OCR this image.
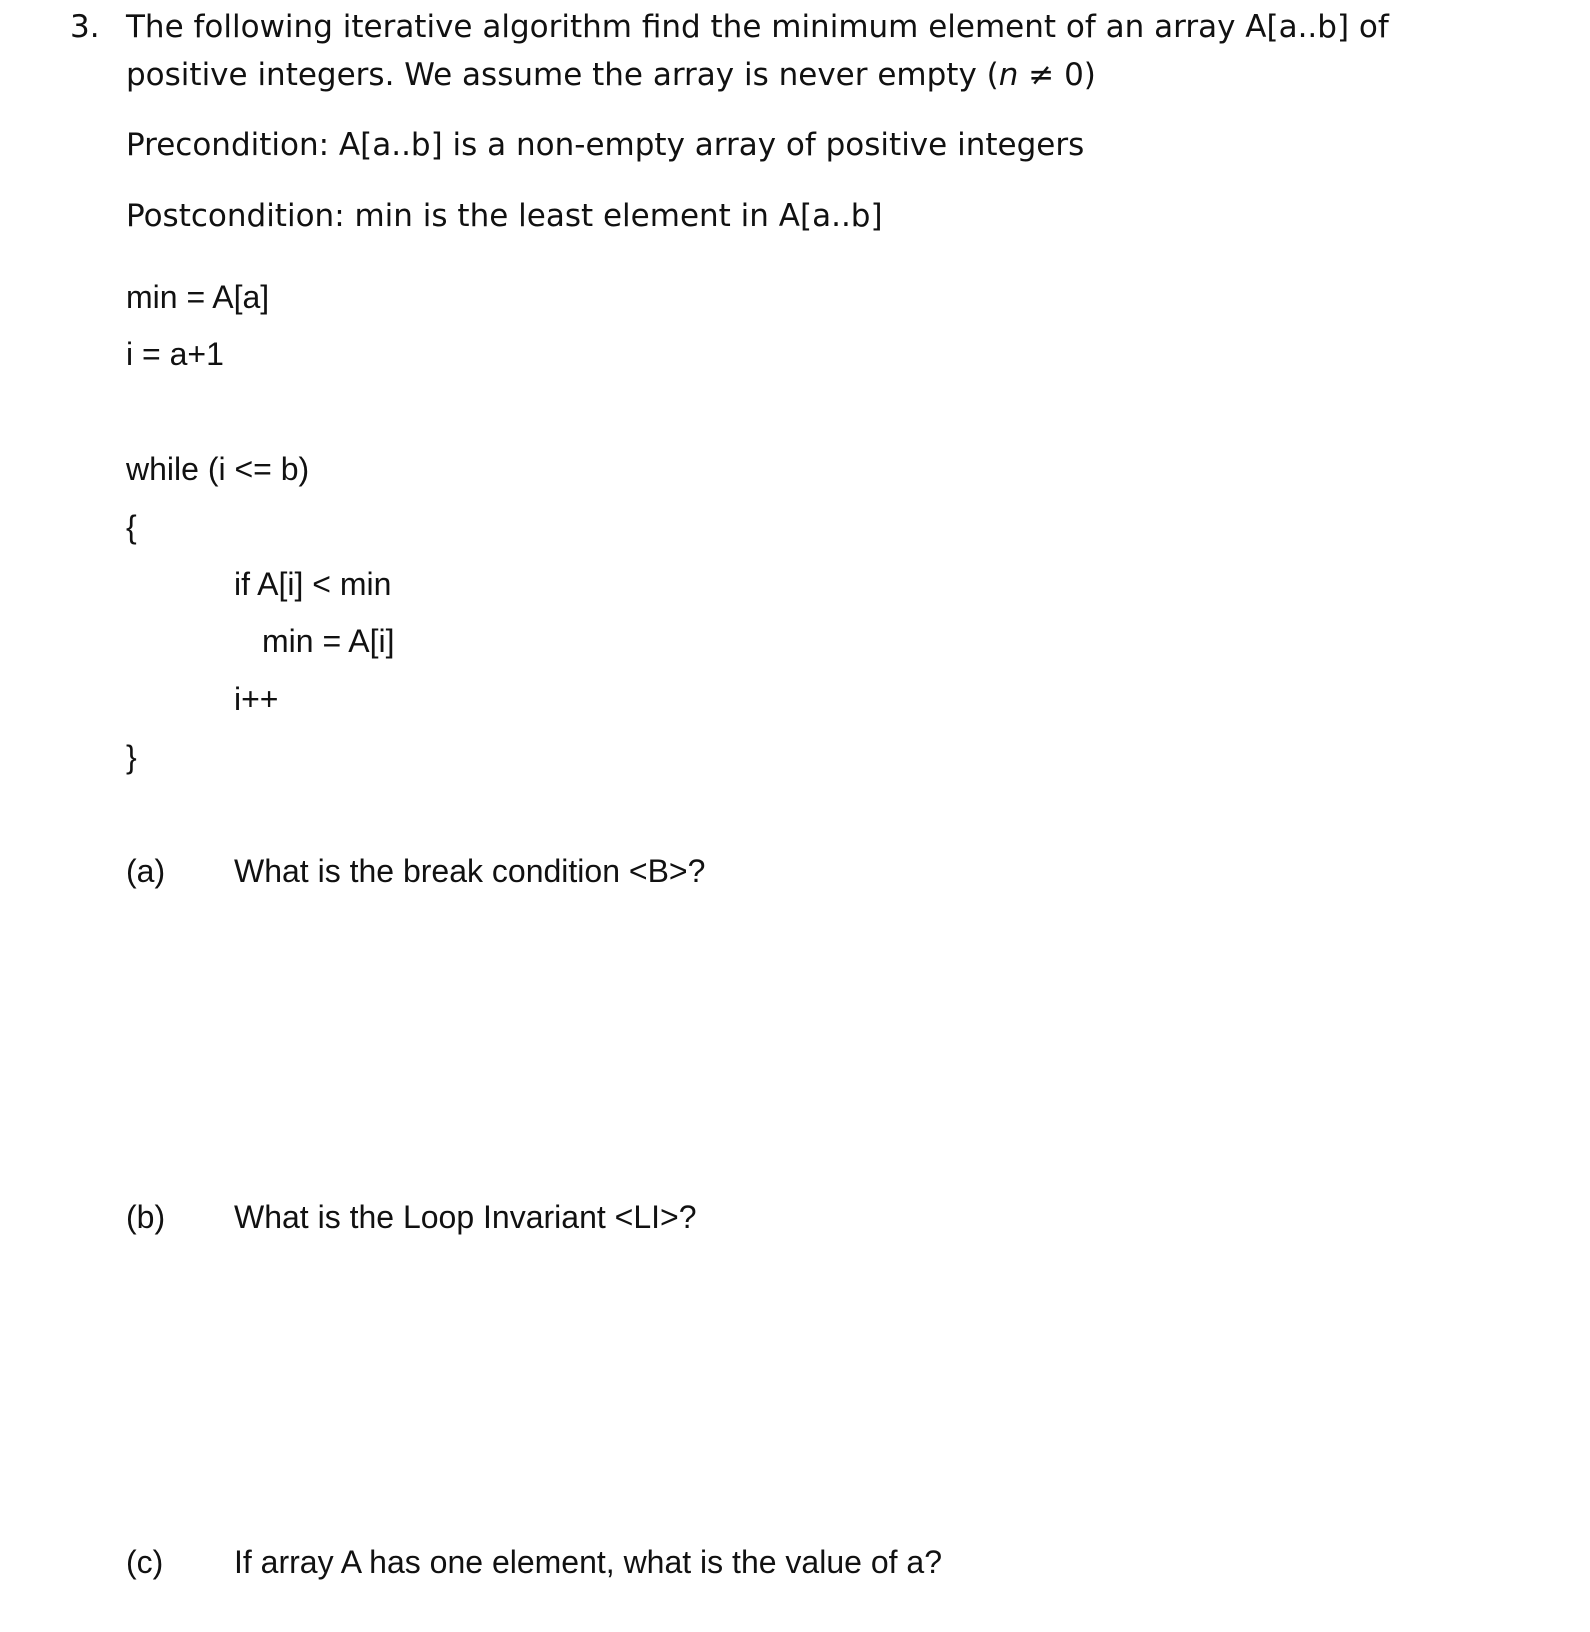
3. The following iterative algorithm find the minimum element of an array A[a..b] of
positive integers. We assume the array is never empty (n ≠ 0)
Precondition: A[a..b] is a non-empty array of positive integers
Postcondition: min is the least element in A[a..b]
min = A[a]
i = a+1
while (i <= b)
{
if A[i] < min
min = A[i]
i++
}
(a) What is the break condition <B>?
(b) What is the Loop Invariant <LI>?
(c) If array A has one element, what is the value of a?
